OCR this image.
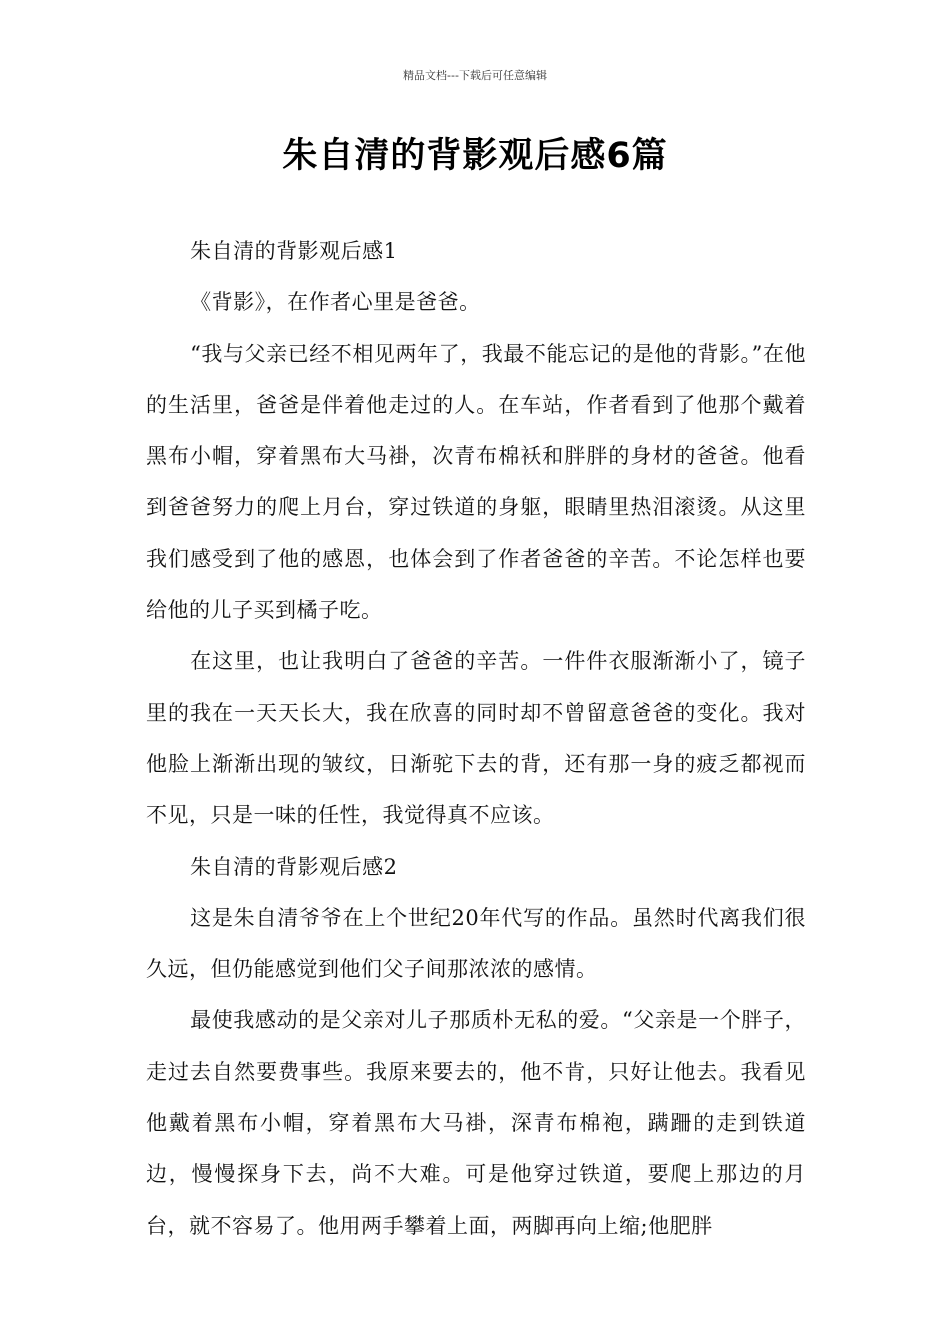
精品文档---下载后可任意编辑
朱自清的背影观后感6篇

朱自清的背影观后感1

《背影》，在作者心里是爸爸。

“我与父亲已经不相见两年了，我最不能忘记的是他的背影。”在他的生活里，爸爸是伴着他走过的人。在车站，作者看到了他那个戴着黑布小帽，穿着黑布大马褂，次青布棉袄和胖胖的身材的爸爸。他看到爸爸努力的爬上月台，穿过铁道的身躯，眼睛里热泪滚烫。从这里我们感受到了他的感恩，也体会到了作者爸爸的辛苦。不论怎样也要给他的儿子买到橘子吃。

在这里，也让我明白了爸爸的辛苦。一件件衣服渐渐小了，镜子里的我在一天天长大，我在欣喜的同时却不曾留意爸爸的变化。我对他脸上渐渐出现的皱纹，日渐驼下去的背，还有那一身的疲乏都视而不见，只是一味的任性，我觉得真不应该。

朱自清的背影观后感2

这是朱自清爷爷在上个世纪20年代写的作品。虽然时代离我们很久远，但仍能感觉到他们父子间那浓浓的感情。

最使我感动的是父亲对儿子那质朴无私的爱。“父亲是一个胖子，走过去自然要费事些。我原来要去的，他不肯，只好让他去。我看见他戴着黑布小帽，穿着黑布大马褂，深青布棉袍，蹒跚的走到铁道边，慢慢探身下去，尚不大难。可是他穿过铁道，要爬上那边的月台，就不容易了。他用两手攀着上面，两脚再向上缩;他肥胖
